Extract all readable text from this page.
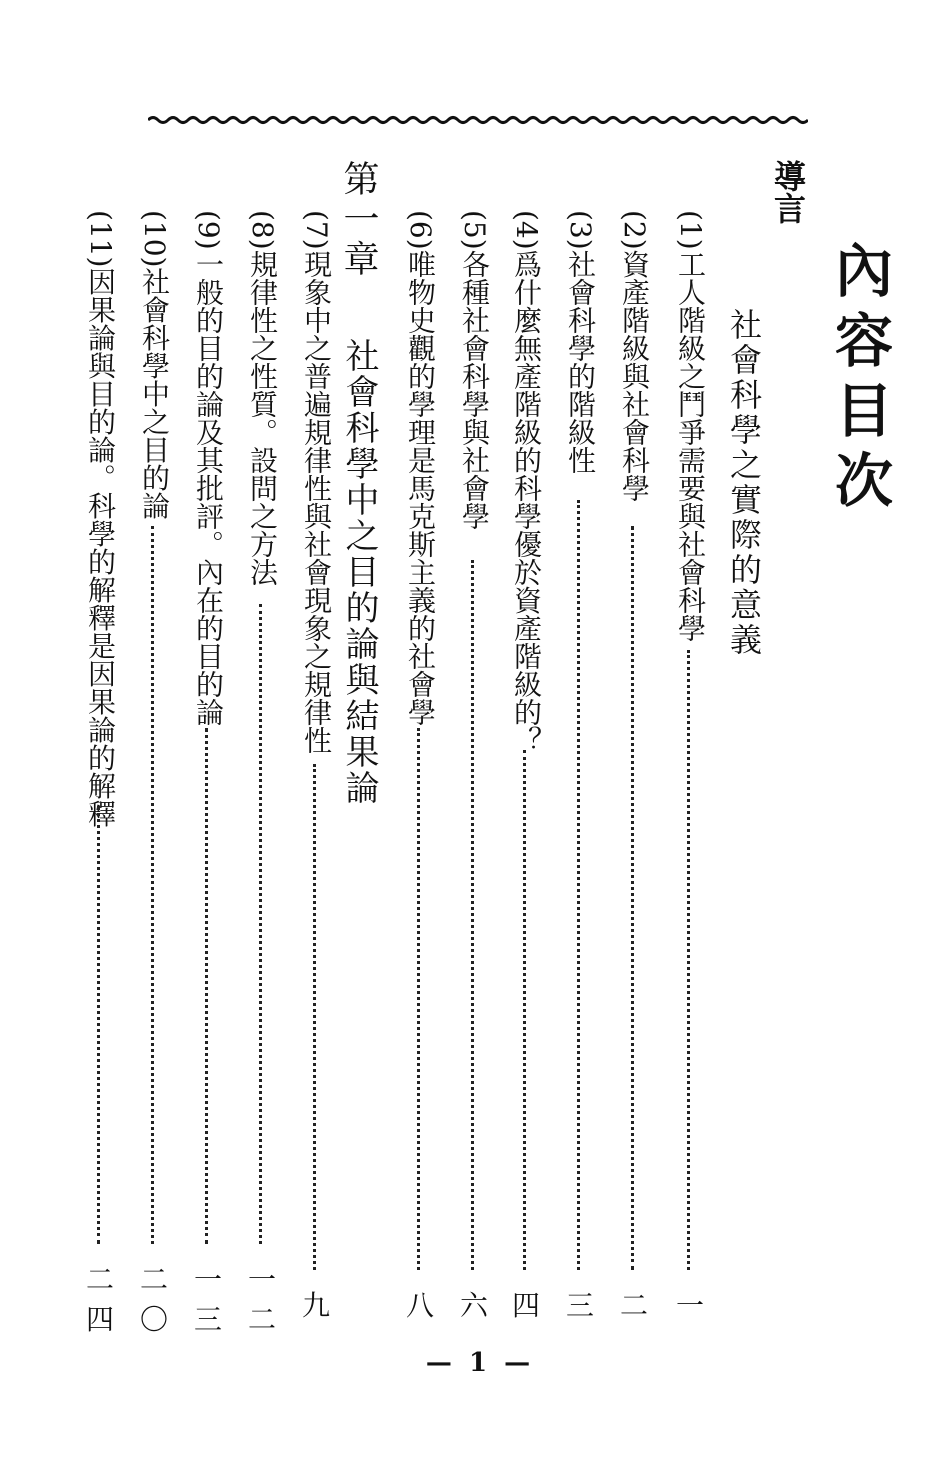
內容目次
導言
社會科學之實際的意義
(1)工人階級之鬥爭需要與社會科學
一
(2)資產階級與社會科學
二
(3)社會科學的階級性
三
(4)爲什麼無產階級的科學優於資產階級的？
四
(5)各種社會科學與社會學
六
(6)唯物史觀的學理是馬克斯主義的社會學
八
第一章
社會科學中之目的論與結果論
(7)現象中之普遍規律性與社會現象之規律性
九
(8)規律性之性質。設問之方法
一二
(9)一般的目的論及其批評。內在的目的論
一三
(10)社會科學中之目的論
二〇
(11)因果論與目的論。科學的解釋是因果論的解釋
二四
— 1 —
